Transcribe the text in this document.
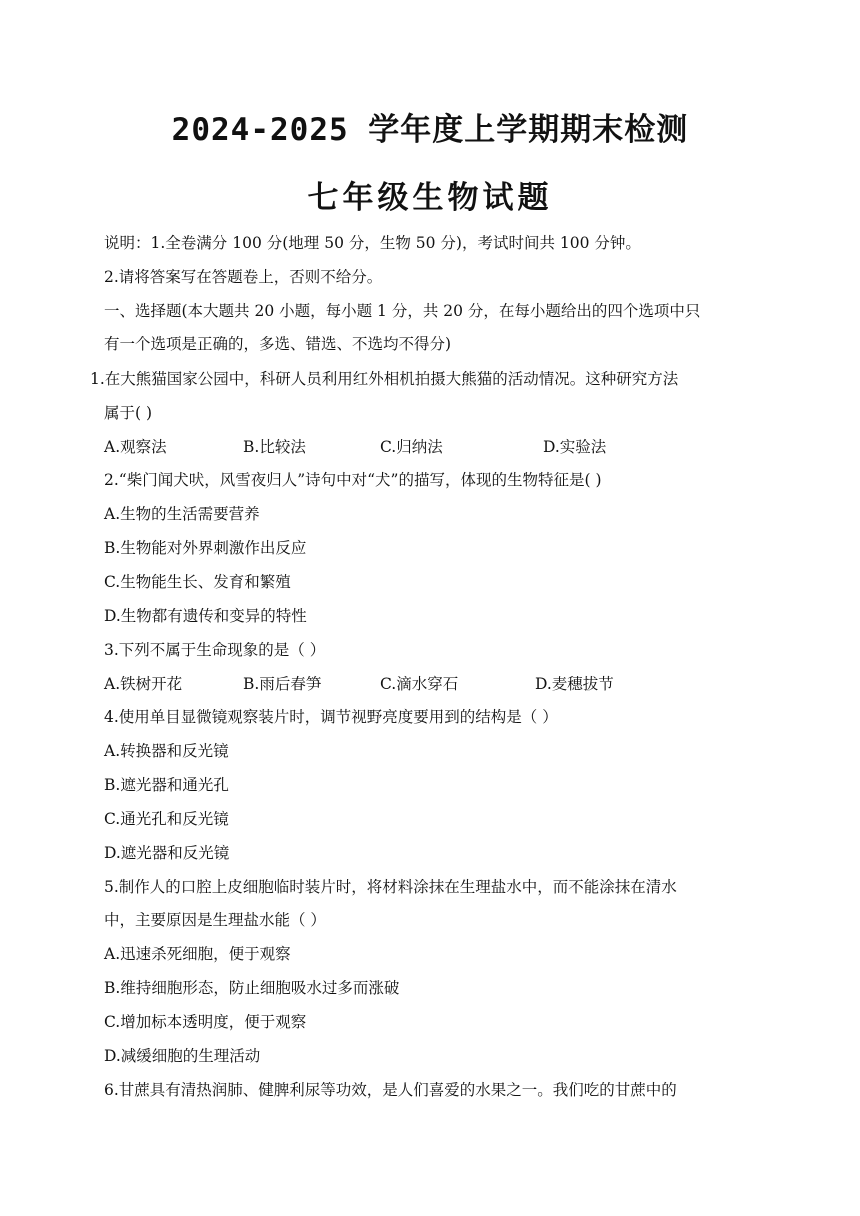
2024-2025 学年度上学期期末检测
七年级生物试题
说明：1.全卷满分 100 分(地理 50 分，生物 50 分)，考试时间共 100 分钟。
2.请将答案写在答题卷上，否则不给分。
一、选择题(本大题共 20 小题，每小题 1 分，共 20 分，在每小题给出的四个选项中只
有一个选项是正确的，多选、错选、不选均不得分)
1.在大熊猫国家公园中，科研人员利用红外相机拍摄大熊猫的活动情况。这种研究方法
属于( )
A.观察法	B.比较法	C.归纳法	D.实验法
2.“柴门闻犬吠，风雪夜归人”诗句中对“犬”的描写，体现的生物特征是( )
A.生物的生活需要营养
B.生物能对外界刺激作出反应
C.生物能生长、发育和繁殖
D.生物都有遗传和变异的特性
3.下列不属于生命现象的是（ ）
A.铁树开花	B.雨后春笋	C.滴水穿石	D.麦穗拔节
4.使用单目显微镜观察装片时，调节视野亮度要用到的结构是（ ）
A.转换器和反光镜
B.遮光器和通光孔
C.通光孔和反光镜
D.遮光器和反光镜
5.制作人的口腔上皮细胞临时装片时，将材料涂抹在生理盐水中，而不能涂抹在清水
中，主要原因是生理盐水能（ ）
A.迅速杀死细胞，便于观察
B.维持细胞形态，防止细胞吸水过多而涨破
C.增加标本透明度，便于观察
D.减缓细胞的生理活动
6.甘蔗具有清热润肺、健脾利尿等功效，是人们喜爱的水果之一。我们吃的甘蔗中的
